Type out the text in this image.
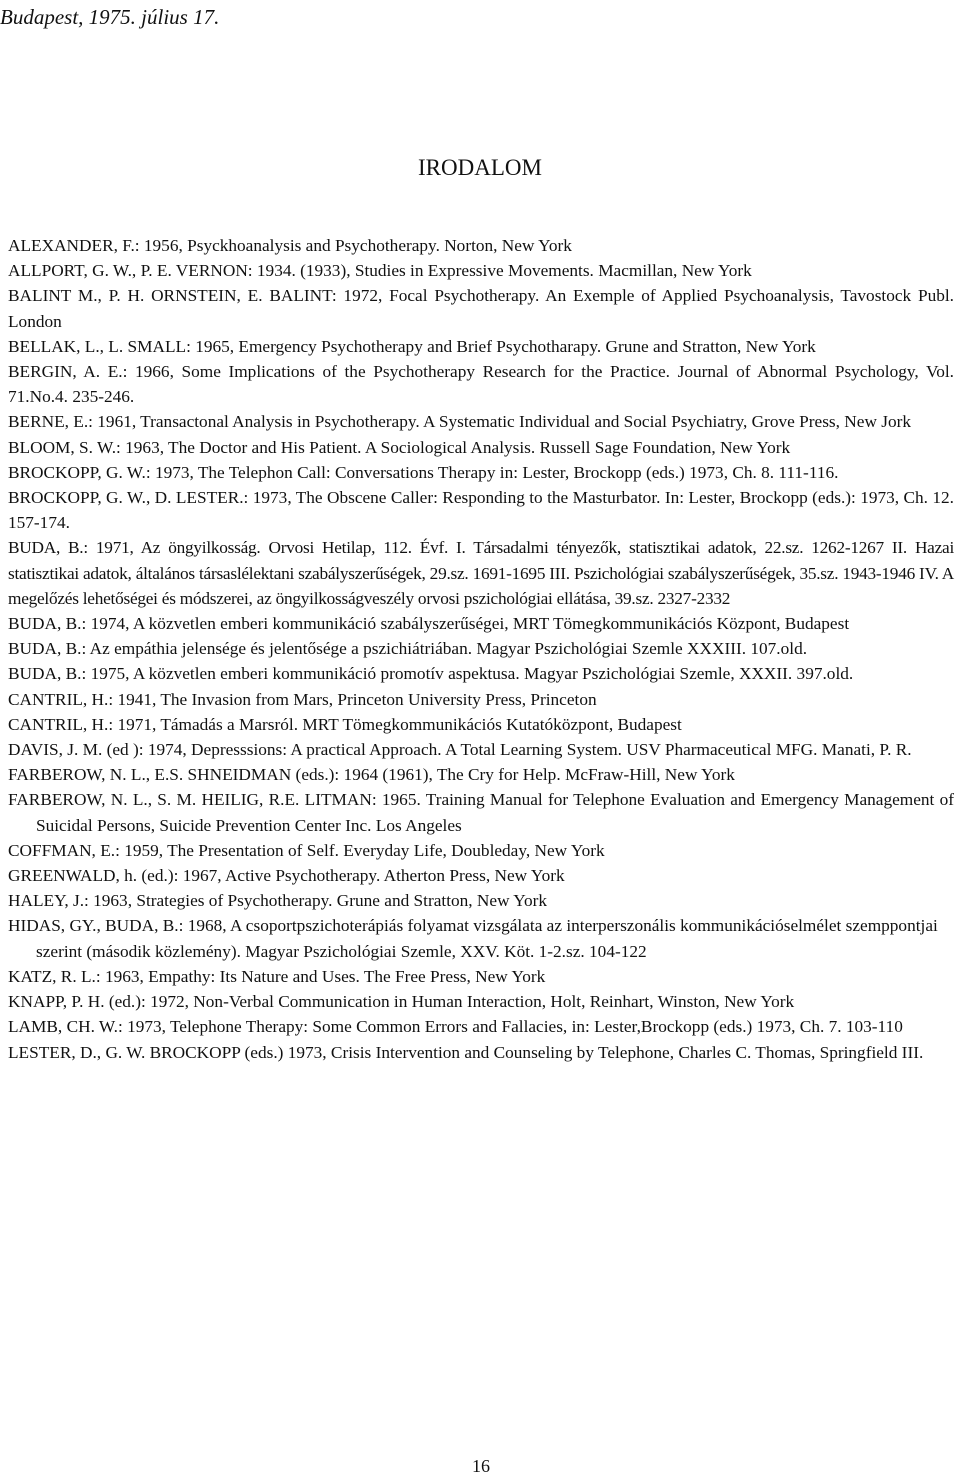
Budapest, 1975. július 17.
IRODALOM

ALEXANDER, F.: 1956, Psyckhoanalysis and Psychotherapy. Norton, New York

ALLPORT, G. W., P. E. VERNON: 1934. (1933), Studies in Expressive Movements. Macmillan, New York

BALINT M., P. H. ORNSTEIN, E. BALINT: 1972, Focal Psychotherapy. An Exemple of Applied Psychoanalysis, Tavostock Publ. London

BELLAK, L., L. SMALL: 1965, Emergency Psychotherapy and Brief Psychotharapy. Grune and Stratton, New York

BERGIN, A. E.: 1966, Some Implications of the Psychotherapy Research for the Practice. Journal of Abnormal Psychology, Vol. 71.No.4. 235-246.

BERNE, E.: 1961, Transactonal Analysis in Psychotherapy. A Systematic Individual and Social Psychiatry, Grove Press, New Jork

BLOOM, S. W.: 1963, The Doctor and His Patient. A Sociological Analysis. Russell Sage Foundation, New York

BROCKOPP, G. W.: 1973, The Telephon Call: Conversations Therapy in: Lester, Brockopp (eds.) 1973, Ch. 8. 111-116.

BROCKOPP, G. W., D. LESTER.: 1973, The Obscene Caller: Responding to the Masturbator. In: Lester, Brockopp (eds.): 1973, Ch. 12. 157-174.

BUDA, B.: 1971, Az öngyilkosság. Orvosi Hetilap, 112. Évf. I. Társadalmi tényezők, statisztikai adatok, 22.sz. 1262-1267 II. Hazai statisztikai adatok, általános társaslélektani szabályszerűségek, 29.sz. 1691-1695 III. Pszichológiai szabályszerűségek, 35.sz. 1943-1946 IV. A megelőzés lehetőségei és módszerei, az öngyilkosságveszély orvosi pszichológiai ellátása, 39.sz. 2327-2332

BUDA, B.: 1974, A közvetlen emberi kommunikáció szabályszerűségei, MRT Tömegkommunikációs Központ, Budapest

BUDA, B.: Az empáthia jelensége és jelentősége a pszichiátriában. Magyar Pszichológiai Szemle XXXIII. 107.old.

BUDA, B.: 1975, A közvetlen emberi kommunikáció promotív aspektusa. Magyar Pszichológiai Szemle, XXXII. 397.old.

CANTRIL, H.: 1941, The Invasion from Mars, Princeton University Press, Princeton

CANTRIL, H.: 1971, Támadás a Marsról. MRT Tömegkommunikációs Kutatóközpont, Budapest

DAVIS, J. M. (ed ): 1974, Depresssions: A practical Approach. A Total Learning System. USV Pharmaceutical MFG. Manati, P. R.

FARBEROW, N. L., E.S. SHNEIDMAN (eds.): 1964 (1961), The Cry for Help. McFraw-Hill, New York

FARBEROW, N. L., S. M. HEILIG, R.E. LITMAN: 1965. Training Manual for Telephone Evaluation and Emergency Management of Suicidal Persons, Suicide Prevention Center Inc. Los Angeles

COFFMAN, E.: 1959, The Presentation of Self. Everyday Life, Doubleday, New York

GREENWALD, h. (ed.): 1967, Active Psychotherapy. Atherton Press, New York

HALEY, J.: 1963, Strategies of Psychotherapy. Grune and Stratton, New York

HIDAS, GY., BUDA, B.: 1968, A csoportpszichoterápiás folyamat vizsgálata az interperszonális kommunikációselmélet szemppontjai szerint (második közlemény). Magyar Pszichológiai Szemle, XXV. Köt. 1-2.sz. 104-122

KATZ, R. L.: 1963, Empathy: Its Nature and Uses. The Free Press, New York

KNAPP, P. H. (ed.): 1972, Non-Verbal Communication in Human Interaction, Holt, Reinhart, Winston, New York

LAMB, CH. W.: 1973, Telephone Therapy: Some Common Errors and Fallacies, in: Lester,Brockopp (eds.) 1973, Ch. 7. 103-110

LESTER, D., G. W. BROCKOPP (eds.) 1973, Crisis Intervention and Counseling by Telephone, Charles C. Thomas, Springfield III.

16
